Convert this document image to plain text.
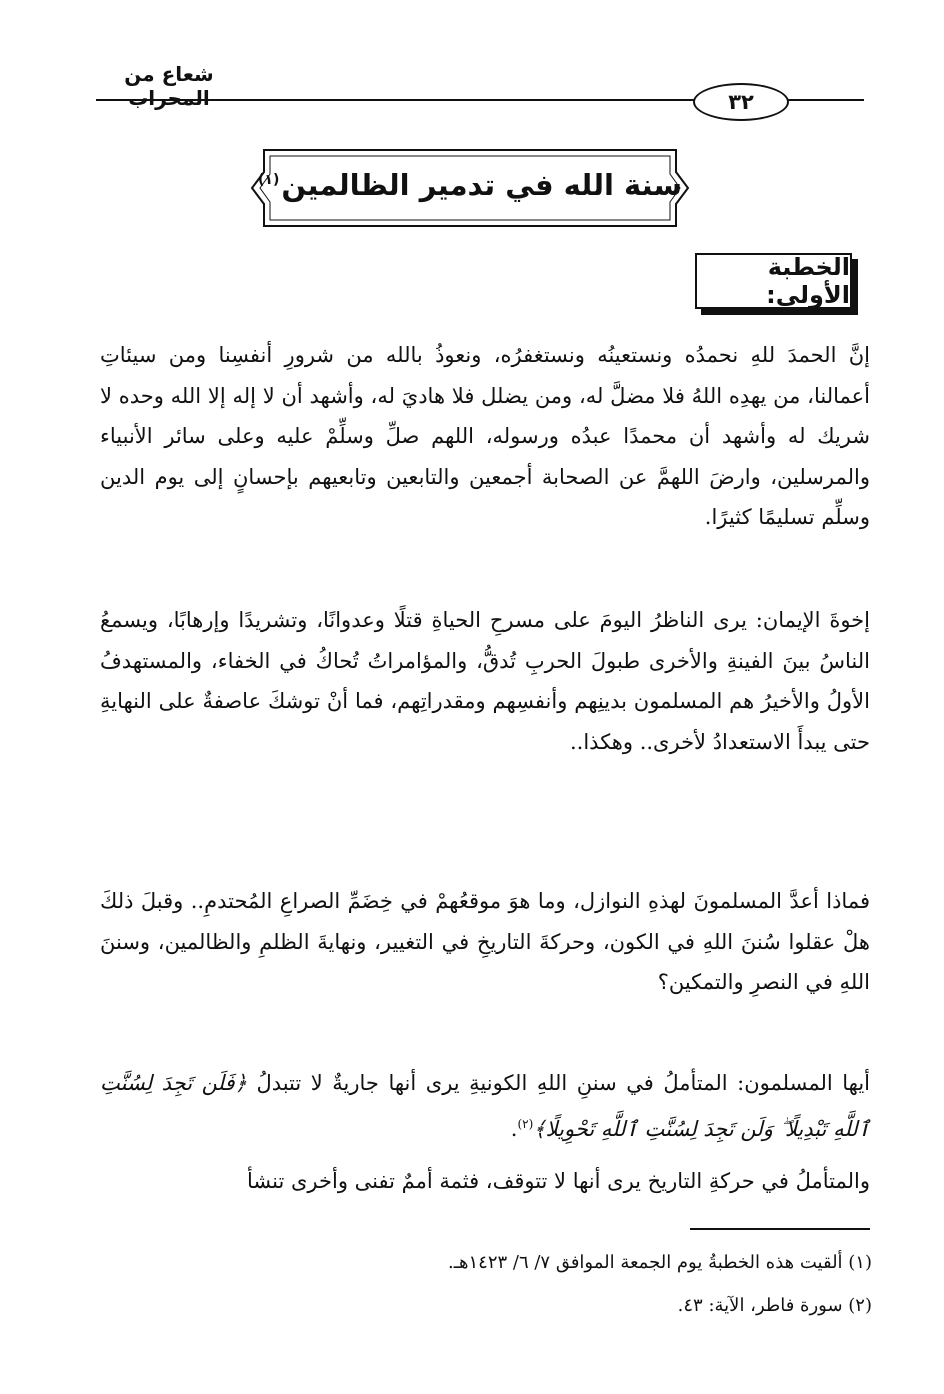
شعاع من المحراب	٣٢
سنة الله في تدمير الظالمين$^{(١)}$
الخطبة الأولى:

إنَّ الحمدَ للهِ نحمدُه ونستعينُه ونستغفرُه، ونعوذُ بالله من شرورِ أنفسِنا ومن سيئاتِ أعمالنا، من يهدِه اللهُ فلا مضلَّ له، ومن يضلل فلا هاديَ له، وأشهد أن لا إله إلا الله وحده لا شريك له وأشهد أن محمدًا عبدُه ورسوله، اللهم صلِّ وسلِّمْ عليه وعلى سائر الأنبياء والمرسلين، وارضَ اللهمَّ عن الصحابة أجمعين والتابعين وتابعيهم بإحسانٍ إلى يوم الدين وسلِّم تسليمًا كثيرًا.

إخوةَ الإيمان: يرى الناظرُ اليومَ على مسرحِ الحياةِ قتلًا وعدوانًا، وتشريدًا وإرهابًا، ويسمعُ الناسُ بينَ الفينةِ والأخرى طبولَ الحربِ تُدقُّ، والمؤامراتُ تُحاكُ في الخفاء، والمستهدفُ الأولُ والأخيرُ هم المسلمون بدينِهم وأنفسِهم ومقدراتِهم، فما أنْ توشكَ عاصفةٌ على النهايةِ حتى يبدأَ الاستعدادُ لأخرى.. وهكذا..

فماذا أعدَّ المسلمونَ لهذهِ النوازل، وما هوَ موقعُهمْ في خِضَمِّ الصراعِ المُحتدمِ.. وقبلَ ذلكَ هلْ عقلوا سُننَ اللهِ في الكون، وحركةَ التاريخِ في التغيير، ونهايةَ الظلمِ والظالمين، وسننَ اللهِ في النصرِ والتمكين؟

أيها المسلمون: المتأملُ في سننِ اللهِ الكونيةِ يرى أنها جاريةٌ لا تتبدلُ ﴿فَلَن تَجِدَ لِسُنَّتِ ٱللَّهِ تَبْدِيلًا ۖ وَلَن تَجِدَ لِسُنَّتِ ٱللَّهِ تَحْوِيلًا﴾$^{(٢)}$.

والمتأملُ في حركةِ التاريخ يرى أنها لا تتوقف، فثمة أممٌ تفنى وأخرى تنشأ

(١) ألقيت هذه الخطبةُ يوم الجمعة الموافق ٧/ ٦/ ١٤٢٣هـ.

(٢) سورة فاطر، الآية: ٤٣.
